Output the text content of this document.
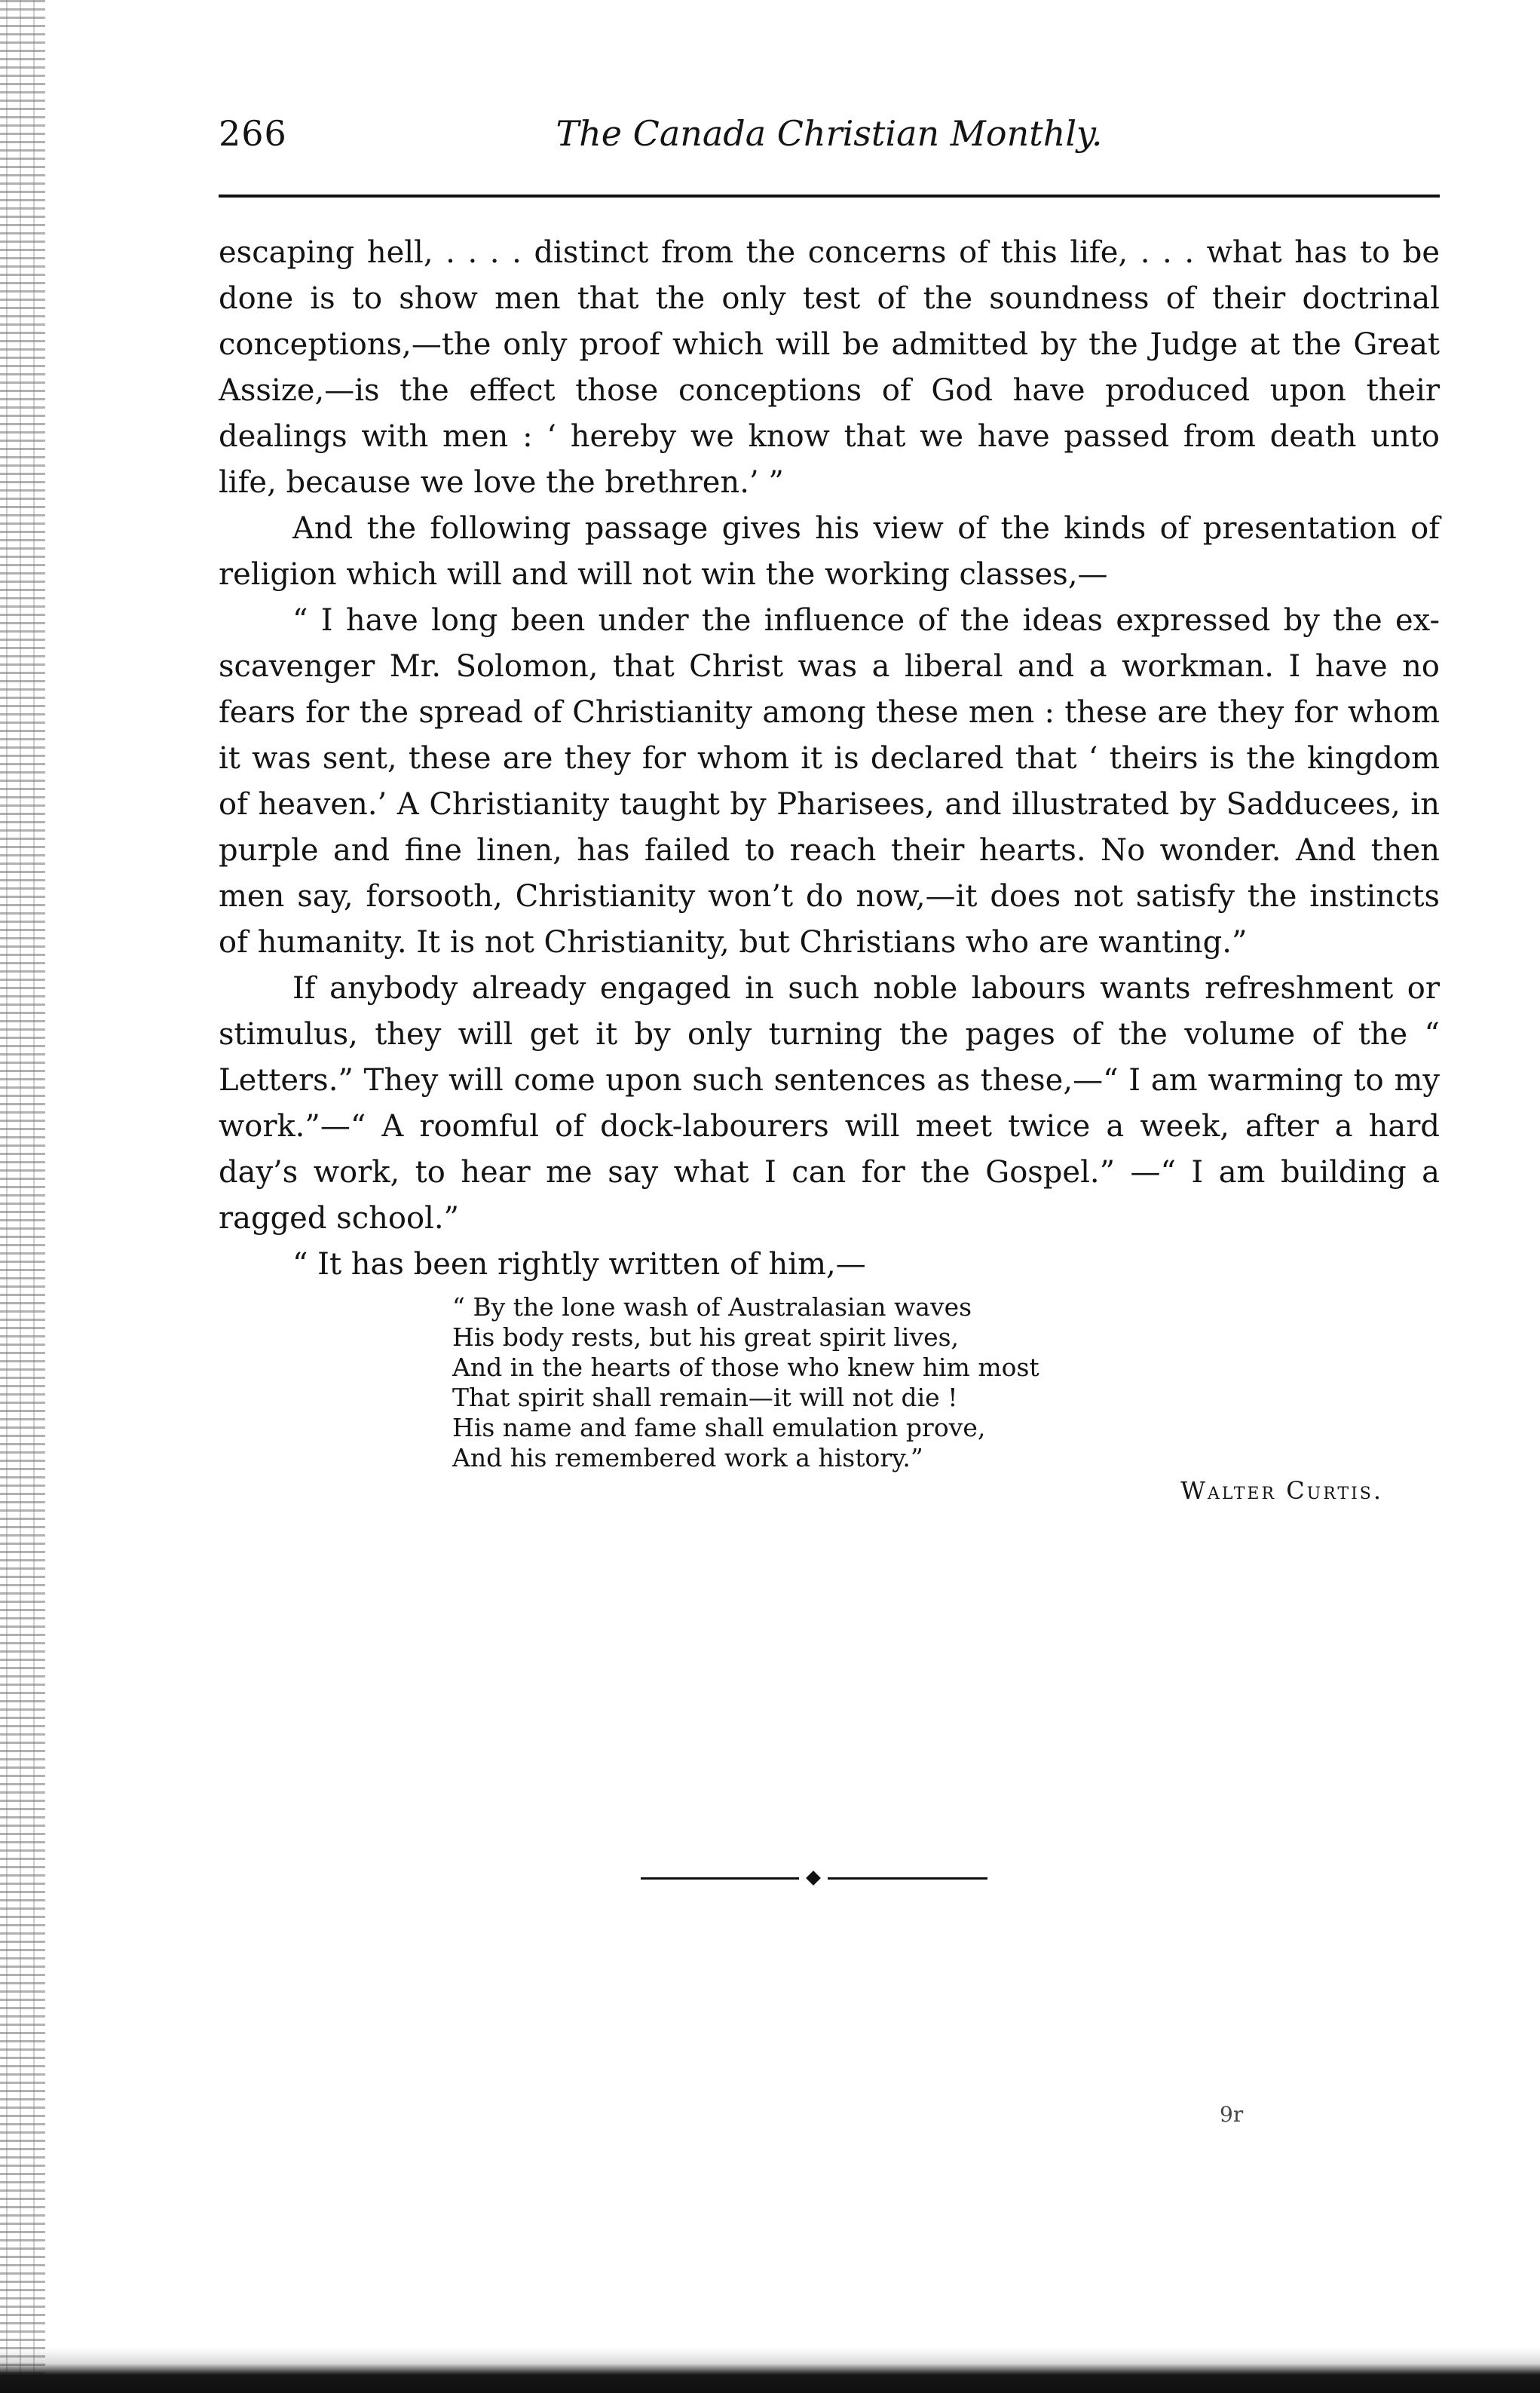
266	The Canada Christian Monthly.

escaping hell, . . . . distinct from the concerns of this life, . . . what has to be done is to show men that the only test of the soundness of their doctrinal conceptions,—the only proof which will be admitted by the Judge at the Great Assize,—is the effect those conceptions of God have produced upon their dealings with men : ‘ hereby we know that we have passed from death unto life, because we love the brethren.’ ”

And the following passage gives his view of the kinds of presentation of religion which will and will not win the working classes,—

“ I have long been under the influence of the ideas expressed by the ex-scavenger Mr. Solomon, that Christ was a liberal and a workman. I have no fears for the spread of Christianity among these men : these are they for whom it was sent, these are they for whom it is declared that ‘ theirs is the kingdom of heaven.’ A Christianity taught by Pharisees, and illustrated by Sadducees, in purple and fine linen, has failed to reach their hearts. No wonder. And then men say, forsooth, Christianity won’t do now,—it does not satisfy the instincts of humanity. It is not Christianity, but Christians who are wanting.”

If anybody already engaged in such noble labours wants refreshment or stimulus, they will get it by only turning the pages of the volume of the “ Letters.” They will come upon such sentences as these,—“ I am warming to my work.”—“ A roomful of dock-labourers will meet twice a week, after a hard day’s work, to hear me say what I can for the Gospel.” —“ I am building a ragged school.”

“ It has been rightly written of him,—

“ By the lone wash of Australasian waves
His body rests, but his great spirit lives,
And in the hearts of those who knew him most
That spirit shall remain—it will not die !
His name and fame shall emulation prove,
And his remembered work a history.”
Walter Curtis.
9r
